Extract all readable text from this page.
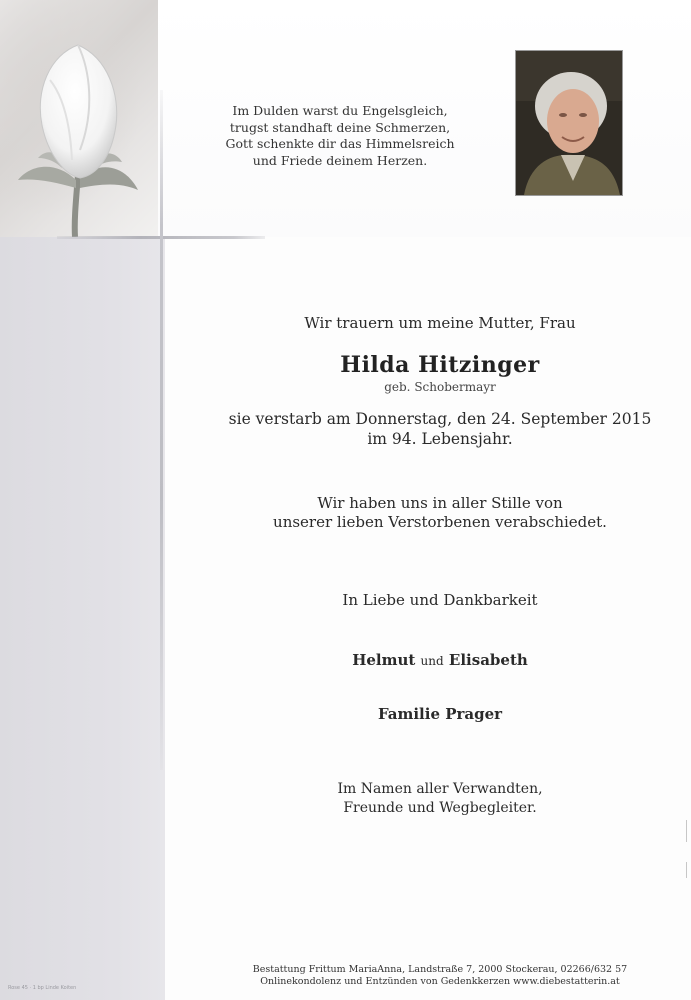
Im Dulden warst du Engelsgleich,
trugst standhaft deine Schmerzen,
Gott schenkte dir das Himmelsreich
und Friede deinem Herzen.
Wir trauern um meine Mutter, Frau
Hilda Hitzinger
geb. Schobermayr
sie verstarb am Donnerstag, den 24. September 2015
im 94. Lebensjahr.
Wir haben uns in aller Stille von
unserer lieben Verstorbenen verabschiedet.
In Liebe und Dankbarkeit
Helmut und Elisabeth
Familie Prager
Im Namen aller Verwandten,
Freunde und Wegbegleiter.
Bestattung Frittum MariaAnna, Landstraße 7, 2000 Stockerau, 02266/632 57
Onlinekondolenz und Entzünden von Gedenkkerzen www.diebestatterin.at
Rose 45 · 1 bp Linde Koiten
